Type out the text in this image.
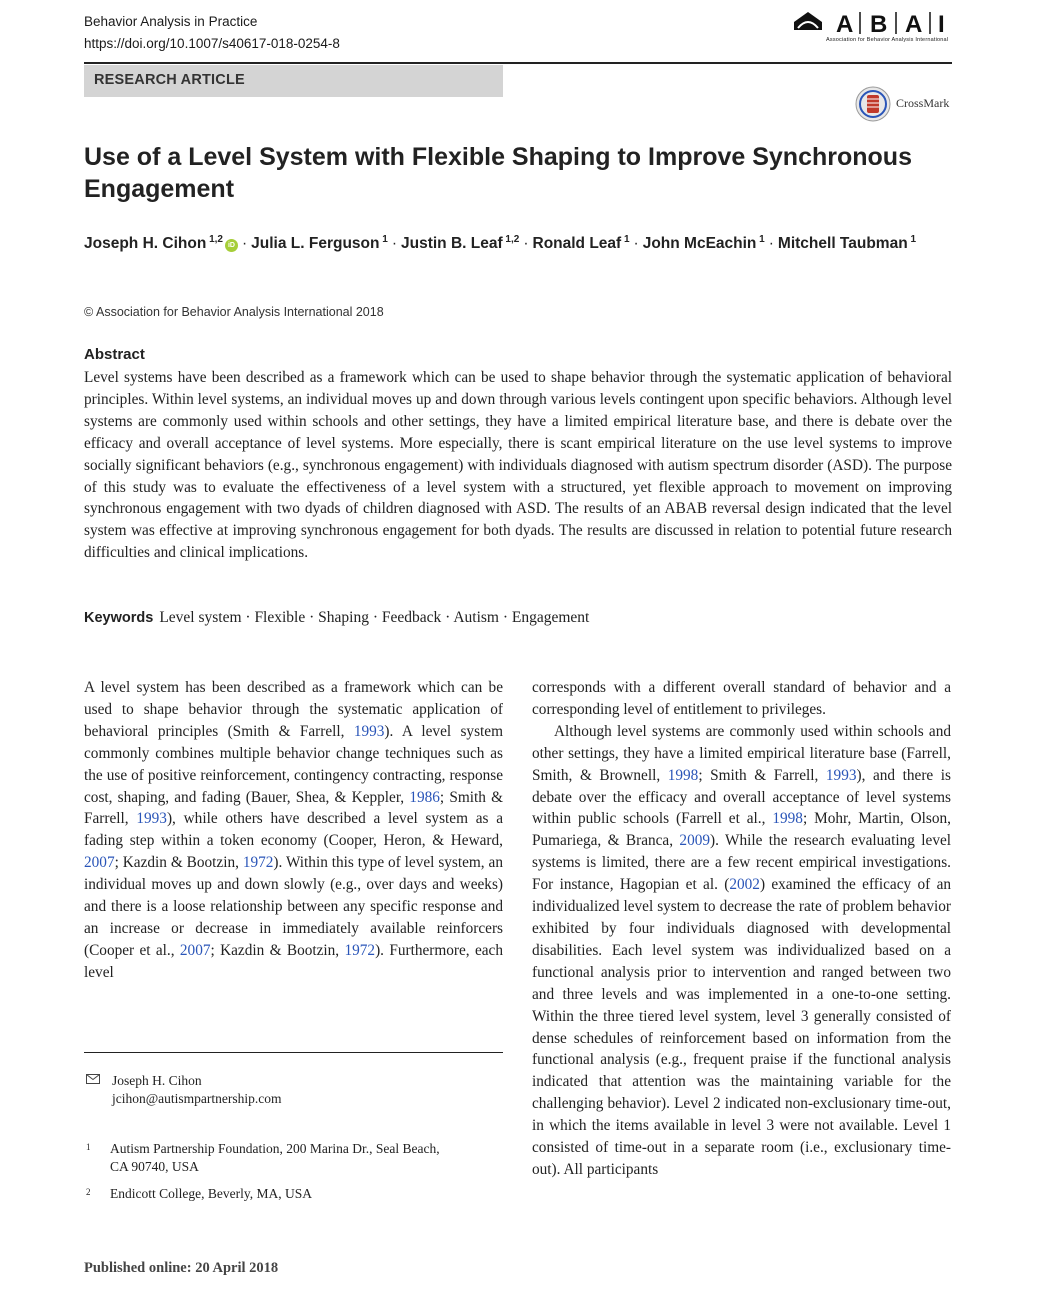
Behavior Analysis in Practice
https://doi.org/10.1007/s40617-018-0254-8
A B A I
Association for Behavior Analysis International
RESEARCH ARTICLE
CrossMark
Use of a Level System with Flexible Shaping to Improve Synchronous Engagement
Joseph H. Cihon $^{1,2}$iD · Julia L. Ferguson $^1$ · Justin B. Leaf $^{1,2}$ · Ronald Leaf $^1$ · John McEachin $^1$ · Mitchell Taubman $^1$
© Association for Behavior Analysis International 2018
Abstract
Level systems have been described as a framework which can be used to shape behavior through the systematic application of behavioral principles. Within level systems, an individual moves up and down through various levels contingent upon specific behaviors. Although level systems are commonly used within schools and other settings, they have a limited empirical literature base, and there is debate over the efficacy and overall acceptance of level systems. More especially, there is scant empirical literature on the use level systems to improve socially significant behaviors (e.g., synchronous engagement) with individuals diagnosed with autism spectrum disorder (ASD). The purpose of this study was to evaluate the effectiveness of a level system with a structured, yet flexible approach to movement on improving synchronous engagement with two dyads of children diagnosed with ASD. The results of an ABAB reversal design indicated that the level system was effective at improving synchronous engagement for both dyads. The results are discussed in relation to potential future research difficulties and clinical implications.
Keywords Level system · Flexible · Shaping · Feedback · Autism · Engagement

A level system has been described as a framework which can be used to shape behavior through the systematic application of behavioral principles (Smith & Farrell, 1993). A level system commonly combines multiple behavior change techniques such as the use of positive reinforcement, contingency contracting, response cost, shaping, and fading (Bauer, Shea, & Keppler, 1986; Smith & Farrell, 1993), while others have described a level system as a fading step within a token economy (Cooper, Heron, & Heward, 2007; Kazdin & Bootzin, 1972). Within this type of level system, an individual moves up and down slowly (e.g., over days and weeks) and there is a loose relationship between any specific response and an increase or decrease in immediately available reinforcers (Cooper et al., 2007; Kazdin & Bootzin, 1972). Furthermore, each level

corresponds with a different overall standard of behavior and a corresponding level of entitlement to privileges.

Although level systems are commonly used within schools and other settings, they have a limited empirical literature base (Farrell, Smith, & Brownell, 1998; Smith & Farrell, 1993), and there is debate over the efficacy and overall acceptance of level systems within public schools (Farrell et al., 1998; Mohr, Martin, Olson, Pumariega, & Branca, 2009). While the research evaluating level systems is limited, there are a few recent empirical investigations. For instance, Hagopian et al. (2002) examined the efficacy of an individualized level system to decrease the rate of problem behavior exhibited by four individuals diagnosed with developmental disabilities. Each level system was individualized based on a functional analysis prior to intervention and ranged between two and three levels and was implemented in a one-to-one setting. Within the three tiered level system, level 3 generally consisted of dense schedules of reinforcement based on information from the functional analysis (e.g., frequent praise if the functional analysis indicated that attention was the maintaining variable for the challenging behavior). Level 2 indicated non-exclusionary time-out, in which the items available in level 3 were not available. Level 1 consisted of time-out in a separate room (i.e., exclusionary time-out). All participants

Joseph H. Cihon
jcihon@autismpartnership.com
1 Autism Partnership Foundation, 200 Marina Dr., Seal Beach, CA 90740, USA
2 Endicott College, Beverly, MA, USA
Published online: 20 April 2018
